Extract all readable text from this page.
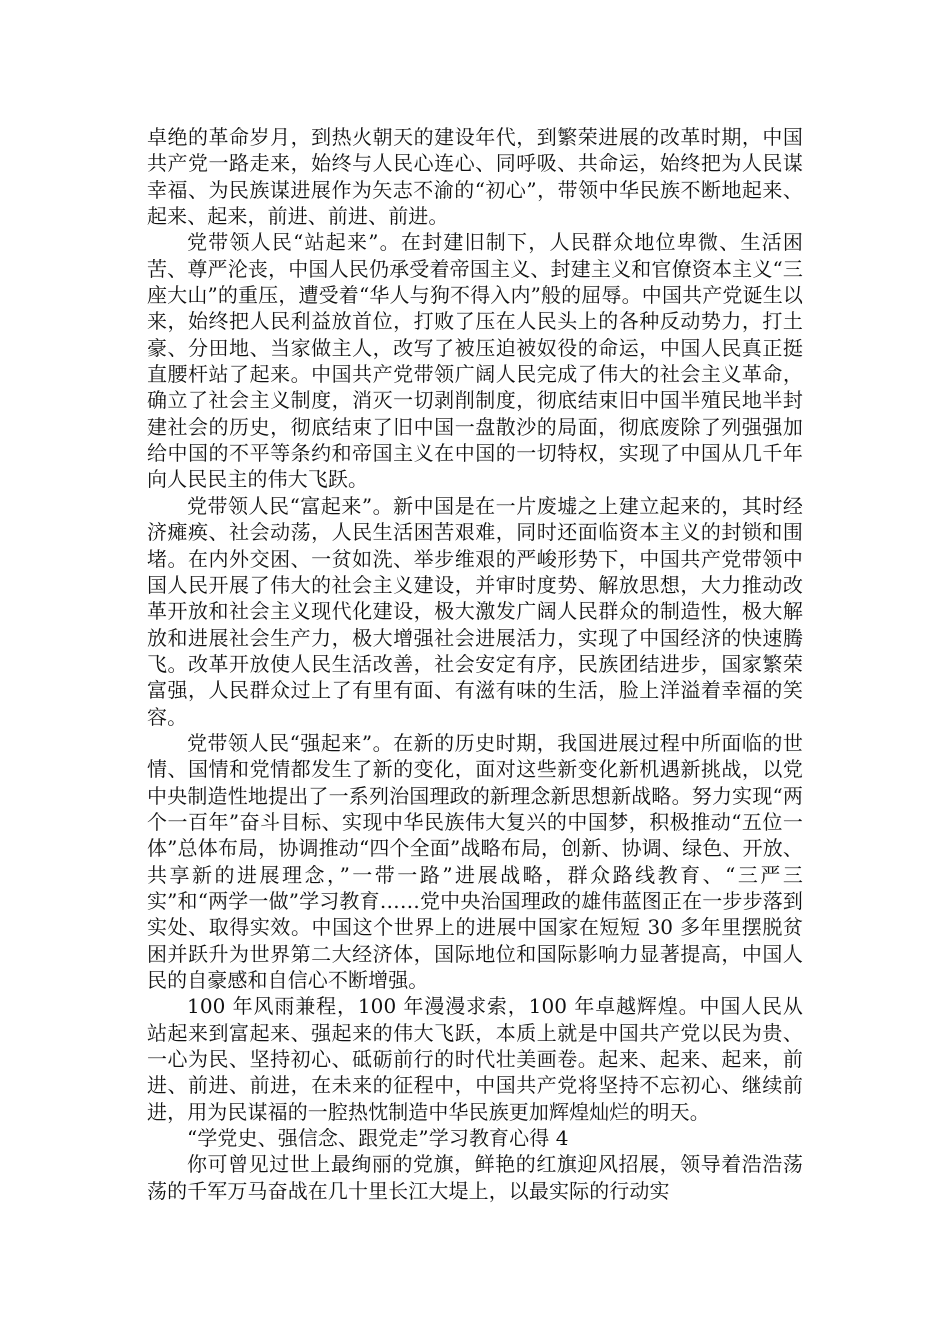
卓绝的革命岁月，到热火朝天的建设年代，到繁荣进展的改革时期，中国共产党一路走来，始终与人民心连心、同呼吸、共命运，始终把为人民谋幸福、为民族谋进展作为矢志不渝的“初心”，带领中华民族不断地起来、起来、起来，前进、前进、前进。

党带领人民“站起来”。在封建旧制下，人民群众地位卑微、生活困苦、尊严沦丧，中国人民仍承受着帝国主义、封建主义和官僚资本主义“三座大山”的重压，遭受着“华人与狗不得入内”般的屈辱。中国共产党诞生以来，始终把人民利益放首位，打败了压在人民头上的各种反动势力，打土豪、分田地、当家做主人，改写了被压迫被奴役的命运，中国人民真正挺直腰杆站了起来。中国共产党带领广阔人民完成了伟大的社会主义革命，确立了社会主义制度，消灭一切剥削制度，彻底结束旧中国半殖民地半封建社会的历史，彻底结束了旧中国一盘散沙的局面，彻底废除了列强强加给中国的不平等条约和帝国主义在中国的一切特权，实现了中国从几千年向人民民主的伟大飞跃。

党带领人民“富起来”。新中国是在一片废墟之上建立起来的，其时经济瘫痪、社会动荡，人民生活困苦艰难，同时还面临资本主义的封锁和围堵。在内外交困、一贫如洗、举步维艰的严峻形势下，中国共产党带领中国人民开展了伟大的社会主义建设，并审时度势、解放思想，大力推动改革开放和社会主义现代化建设，极大激发广阔人民群众的制造性，极大解放和进展社会生产力，极大增强社会进展活力，实现了中国经济的快速腾飞。改革开放使人民生活改善，社会安定有序，民族团结进步，国家繁荣富强，人民群众过上了有里有面、有滋有味的生活，脸上洋溢着幸福的笑容。

党带领人民“强起来”。在新的历史时期，我国进展过程中所面临的世情、国情和党情都发生了新的变化，面对这些新变化新机遇新挑战，以党中央制造性地提出了一系列治国理政的新理念新思想新战略。努力实现“两个一百年”奋斗目标、实现中华民族伟大复兴的中国梦，积极推动“五位一体”总体布局，协调推动“四个全面”战略布局，创新、协调、绿色、开放、共享新的进展理念，”一带一路”进展战略，群众路线教育、“三严三实”和“两学一做”学习教育……党中央治国理政的雄伟蓝图正在一步步落到实处、取得实效。中国这个世界上的进展中国家在短短 30 多年里摆脱贫困并跃升为世界第二大经济体，国际地位和国际影响力显著提高，中国人民的自豪感和自信心不断增强。

100 年风雨兼程，100 年漫漫求索，100 年卓越辉煌。中国人民从站起来到富起来、强起来的伟大飞跃，本质上就是中国共产党以民为贵、一心为民、坚持初心、砥砺前行的时代壮美画卷。起来、起来、起来，前进、前进、前进，在未来的征程中，中国共产党将坚持不忘初心、继续前进，用为民谋福的一腔热忱制造中华民族更加辉煌灿烂的明天。

“学党史、强信念、跟党走”学习教育心得 4

你可曾见过世上最绚丽的党旗，鲜艳的红旗迎风招展，领导着浩浩荡荡的千军万马奋战在几十里长江大堤上，以最实际的行动实
